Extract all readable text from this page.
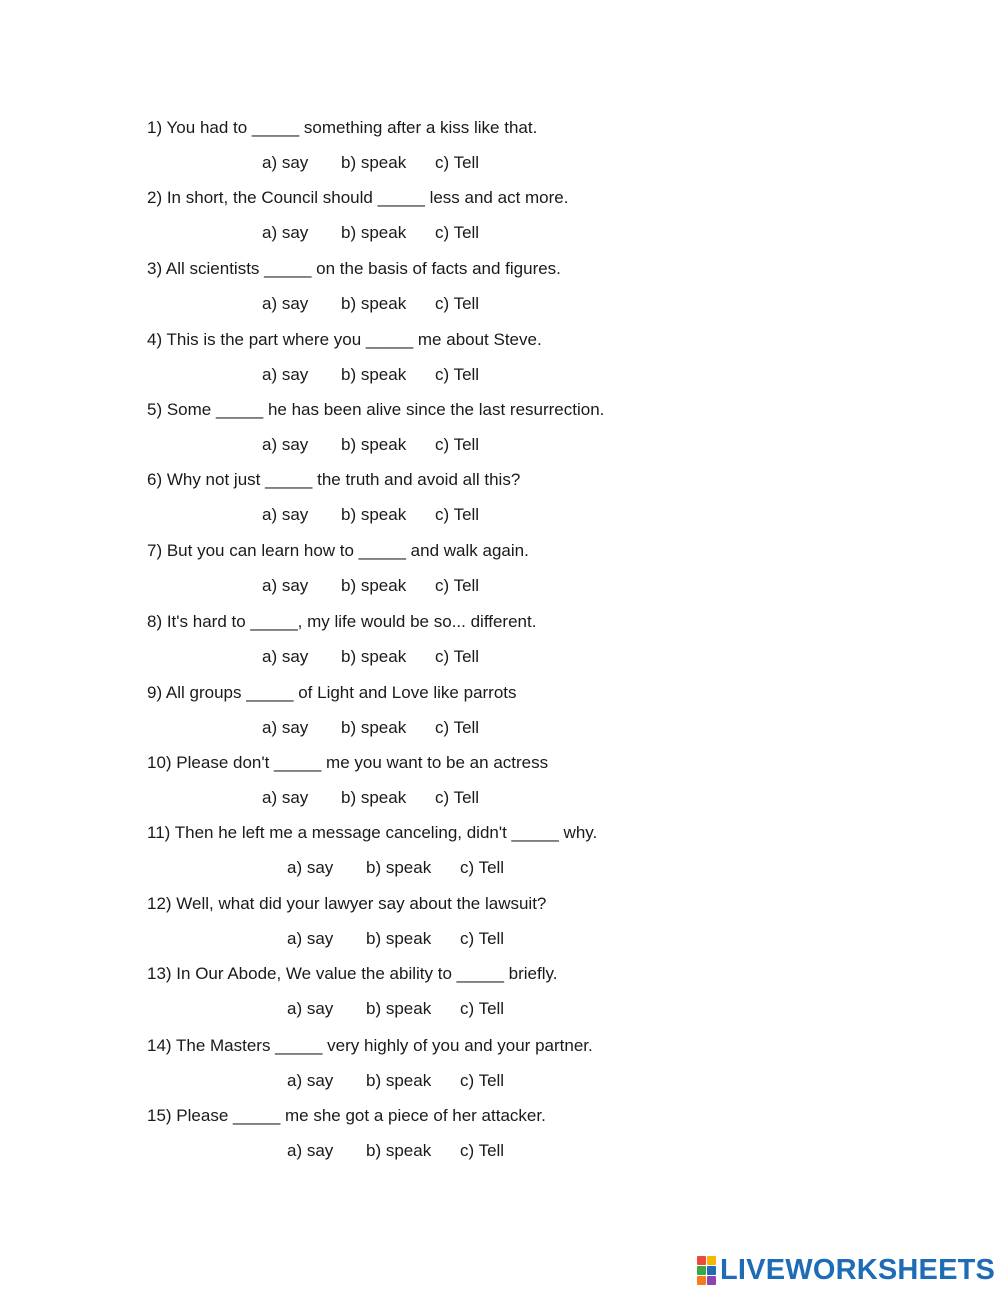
1) You had to _____ something after a kiss like that.
a) say	b) speak	c) Tell
2) In short, the Council should _____ less and act more.
a) say	b) speak	c) Tell
3) All scientists _____ on the basis of facts and figures.
a) say	b) speak	c) Tell
4) This is the part where you _____ me about Steve.
a) say	b) speak	c) Tell
5) Some _____ he has been alive since the last resurrection.
a) say	b) speak	c) Tell
6) Why not just _____ the truth and avoid all this?
a) say	b) speak	c) Tell
7) But you can learn how to _____ and walk again.
a) say	b) speak	c) Tell
8) It's hard to _____, my life would be so... different.
a) say	b) speak	c) Tell
9) All groups _____ of Light and Love like parrots
a) say	b) speak	c) Tell
10) Please don't _____ me you want to be an actress
a) say	b) speak	c) Tell
11) Then he left me a message canceling, didn't _____ why.
a) say	b) speak	c) Tell
12) Well, what did your lawyer say about the lawsuit?
a) say	b) speak	c) Tell
13) In Our Abode, We value the ability to _____ briefly.
a) say	b) speak	c) Tell
14) The Masters _____ very highly of you and your partner.
a) say	b) speak	c) Tell
15) Please _____ me she got a piece of her attacker.
a) say	b) speak	c) Tell
LIVEWORKSHEETS
